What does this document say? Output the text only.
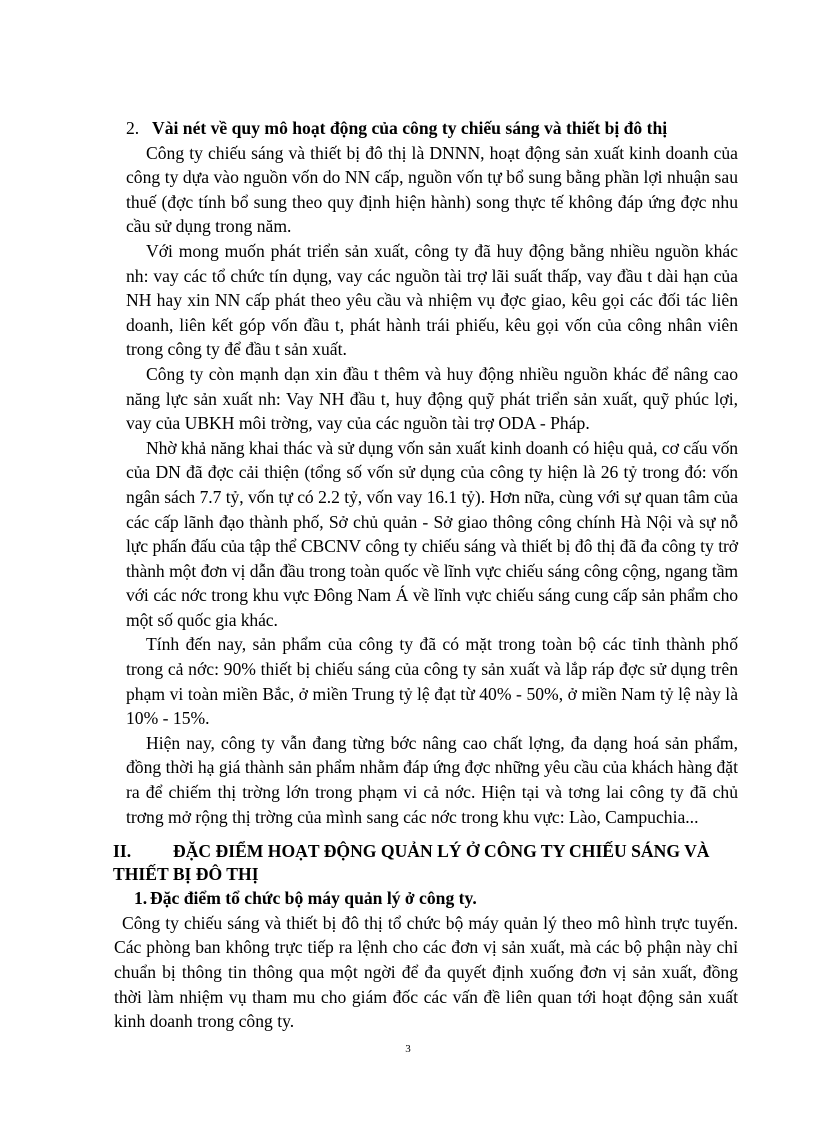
2. Vài nét về quy mô hoạt động của công ty chiếu sáng và thiết bị đô thị

Công ty chiếu sáng và thiết bị đô thị là DNNN, hoạt động sản xuất kinh doanh của công ty dựa vào nguồn vốn do NN cấp, nguồn vốn tự bổ sung bằng phần lợi nhuận sau thuế (đợc tính bổ sung theo quy định hiện hành) song thực tế không đáp ứng đợc nhu cầu sử dụng trong năm.

Với mong muốn phát triển sản xuất, công ty đã huy động bằng nhiều nguồn khác nh: vay các tổ chức tín dụng, vay các nguồn tài trợ lãi suất thấp, vay đầu t dài hạn của NH hay xin NN cấp phát theo yêu cầu và nhiệm vụ đợc giao, kêu gọi các đối tác liên doanh, liên kết góp vốn đầu t, phát hành trái phiếu, kêu gọi vốn của công nhân viên trong công ty để đầu t sản xuất.

Công ty còn mạnh dạn xin đầu t thêm và huy động nhiều nguồn khác để nâng cao năng lực sản xuất nh: Vay NH đầu t, huy động quỹ phát triển sản xuất, quỹ phúc lợi, vay của UBKH môi trờng, vay của các nguồn tài trợ ODA - Pháp.

Nhờ khả năng khai thác và sử dụng vốn sản xuất kinh doanh có hiệu quả, cơ cấu vốn của DN đã đợc cải thiện (tổng số vốn sử dụng của công ty hiện là 26 tỷ trong đó: vốn ngân sách 7.7 tỷ, vốn tự có 2.2 tỷ, vốn vay 16.1 tỷ). Hơn nữa, cùng với sự quan tâm của các cấp lãnh đạo thành phố, Sở chủ quản - Sở giao thông công chính Hà Nội và sự nỗ lực phấn đấu của tập thể CBCNV công ty chiếu sáng và thiết bị đô thị đã đa công ty trở thành một đơn vị dẫn đầu trong toàn quốc về lĩnh vực chiếu sáng công cộng, ngang tầm với các nớc trong khu vực Đông Nam Á về lĩnh vực chiếu sáng cung cấp sản phẩm cho một số quốc gia khác.

Tính đến nay, sản phẩm của công ty đã có mặt trong toàn bộ các tỉnh thành phố trong cả nớc: 90% thiết bị chiếu sáng của công ty sản xuất và lắp ráp đợc sử dụng trên phạm vi toàn miền Bắc, ở miền Trung tỷ lệ đạt từ 40% - 50%, ở miền Nam tỷ lệ này là 10% - 15%.

Hiện nay, công ty vẫn đang từng bớc nâng cao chất lợng, đa dạng hoá sản phẩm, đồng thời hạ giá thành sản phẩm nhằm đáp ứng đợc những yêu cầu của khách hàng đặt ra để chiếm thị trờng lớn trong phạm vi cả nớc. Hiện tại và tơng lai công ty đã chủ trơng mở rộng thị trờng của mình sang các nớc trong khu vực: Lào, Campuchia...

II. ĐẶC ĐIỂM HOẠT ĐỘNG QUẢN LÝ Ở CÔNG TY CHIẾU SÁNG VÀ THIẾT BỊ ĐÔ THỊ
1. Đặc điểm tổ chức bộ máy quản lý ở công ty.

Công ty chiếu sáng và thiết bị đô thị tổ chức bộ máy quản lý theo mô hình trực tuyến. Các phòng ban không trực tiếp ra lệnh cho các đơn vị sản xuất, mà các bộ phận này chỉ chuẩn bị thông tin thông qua một ngời để đa quyết định xuống đơn vị sản xuất, đồng thời làm nhiệm vụ tham mu cho giám đốc các vấn đề liên quan tới hoạt động sản xuất kinh doanh trong công ty.

3
